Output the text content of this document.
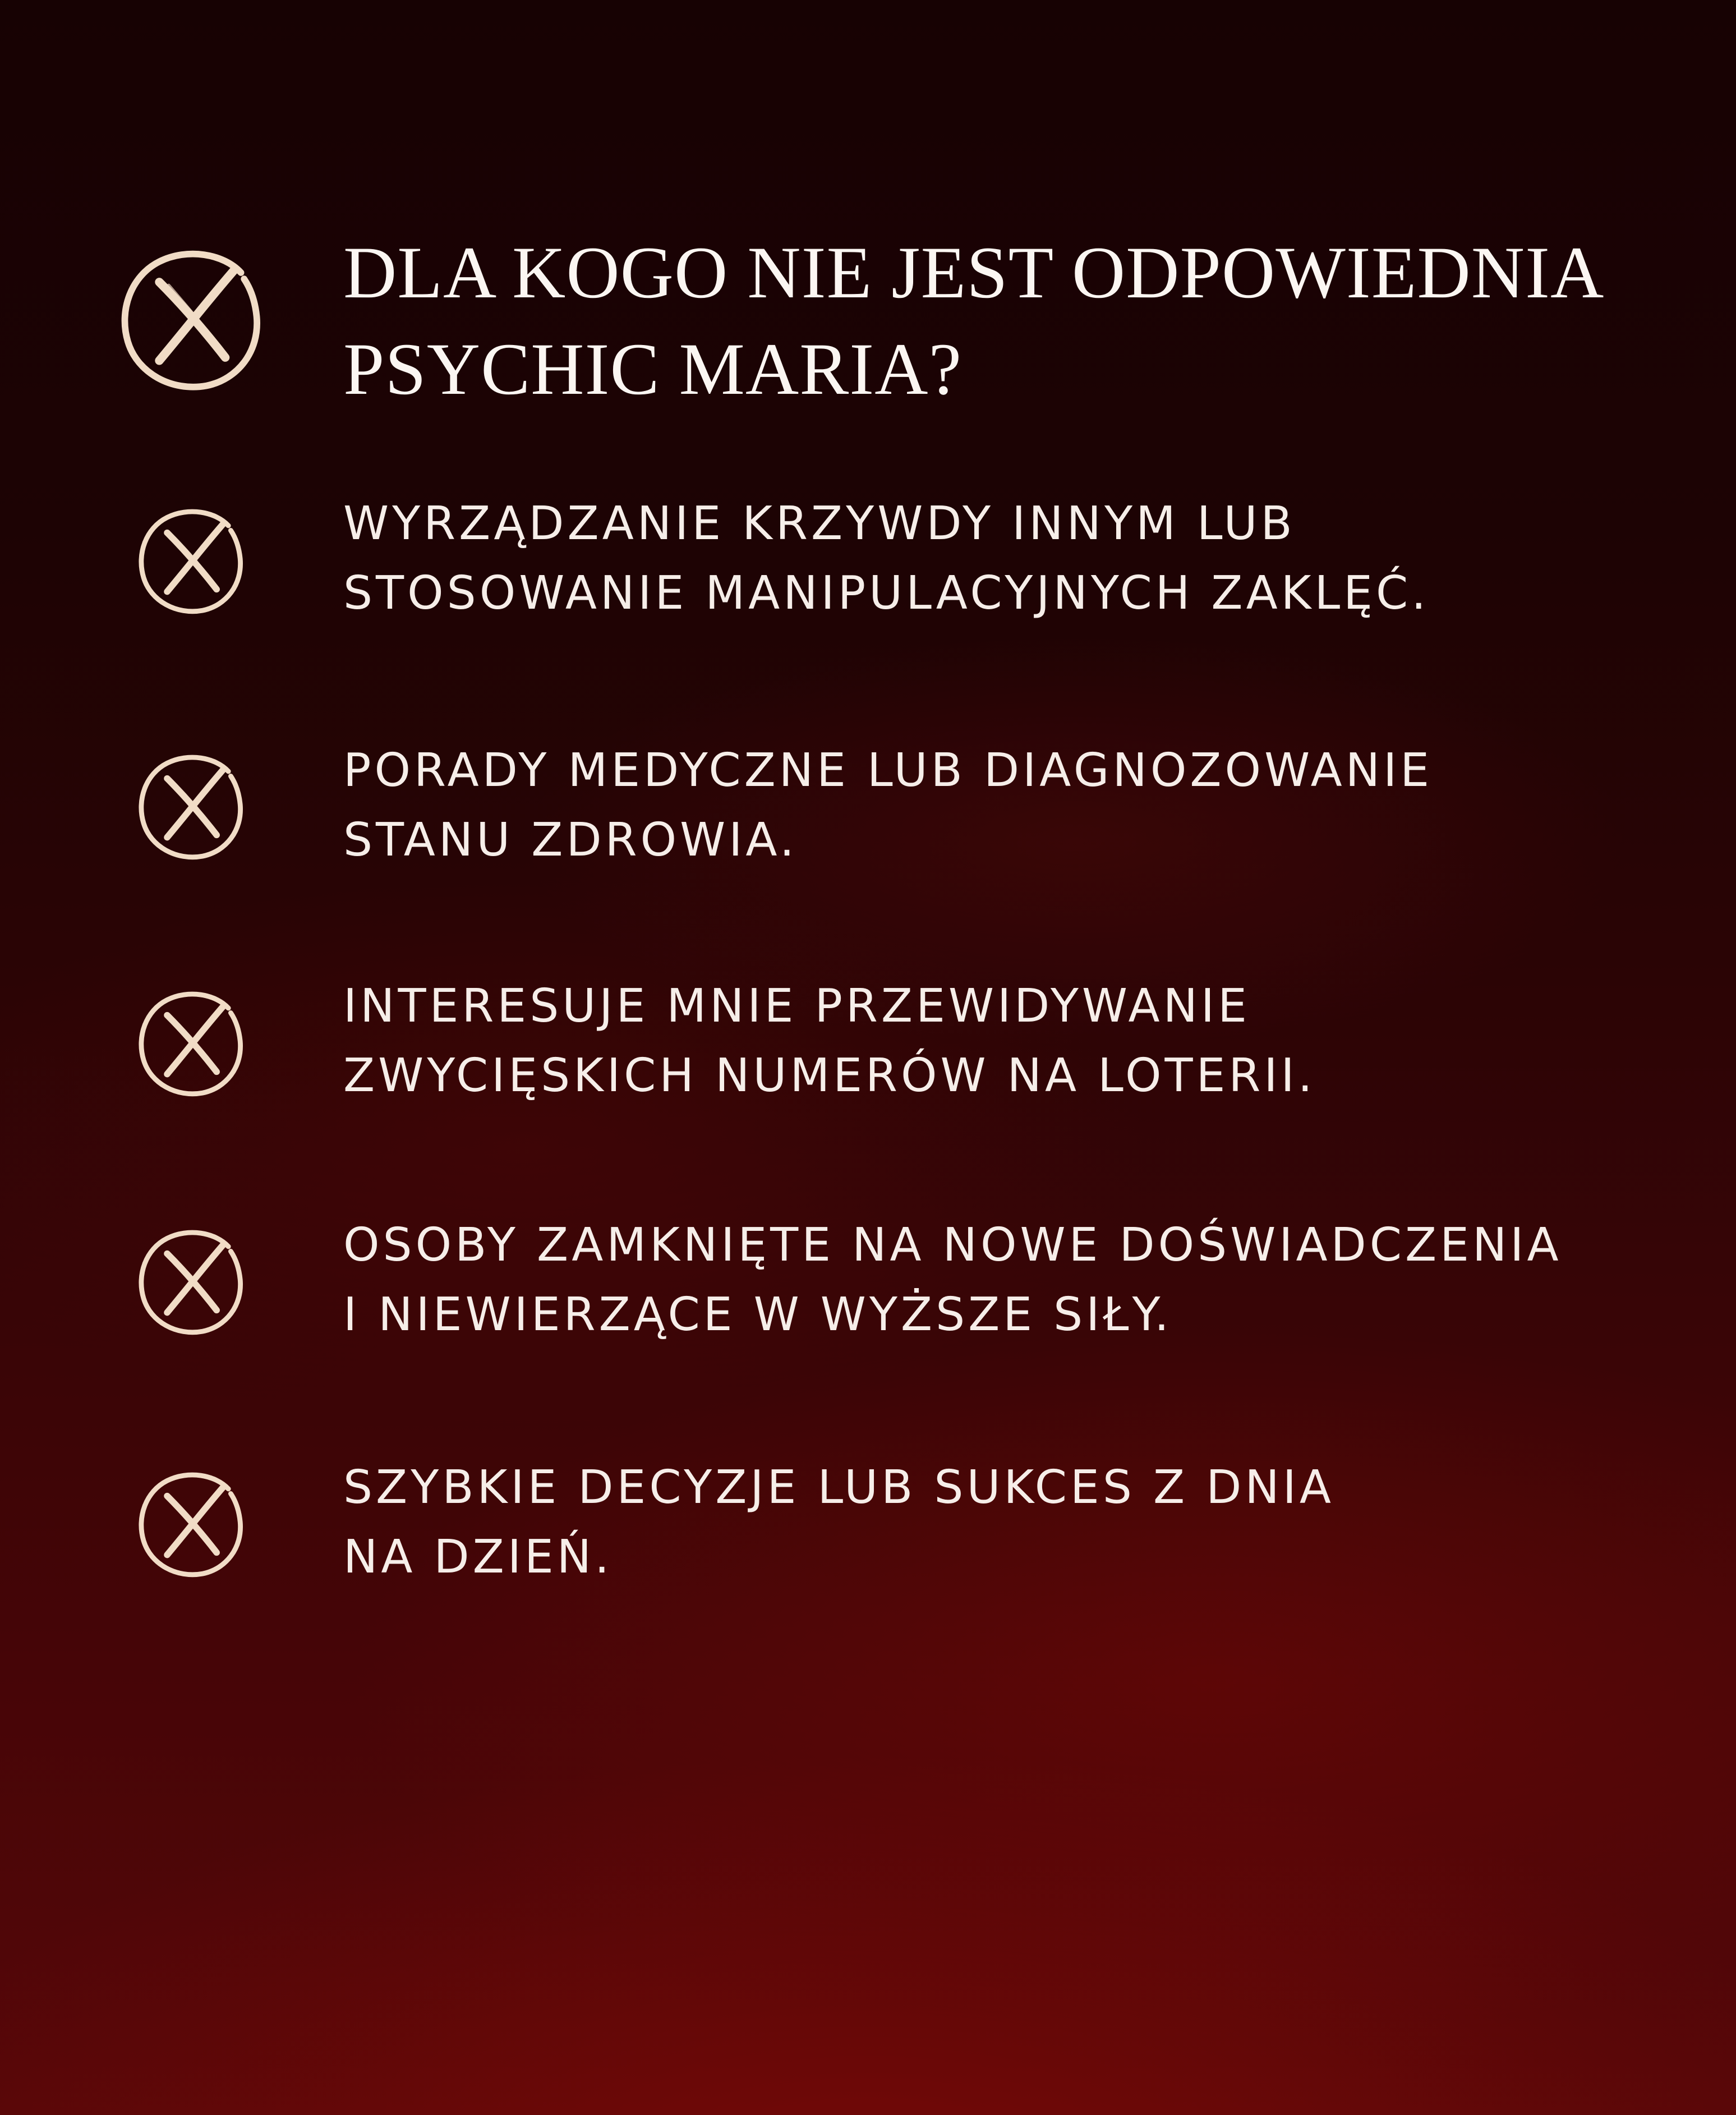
DLA KOGO NIE JEST ODPOWIEDNIA
PSYCHIC MARIA?

WYRZĄDZANIE KRZYWDY INNYM LUB
STOSOWANIE MANIPULACYJNYCH ZAKLĘĆ.

PORADY MEDYCZNE LUB DIAGNOZOWANIE
STANU ZDROWIA.

INTERESUJE MNIE PRZEWIDYWANIE
ZWYCIĘSKICH NUMERÓW NA LOTERII.

OSOBY ZAMKNIĘTE NA NOWE DOŚWIADCZENIA
I NIEWIERZĄCE W WYŻSZE SIŁY.

SZYBKIE DECYZJE LUB SUKCES Z DNIA
NA DZIEŃ.
